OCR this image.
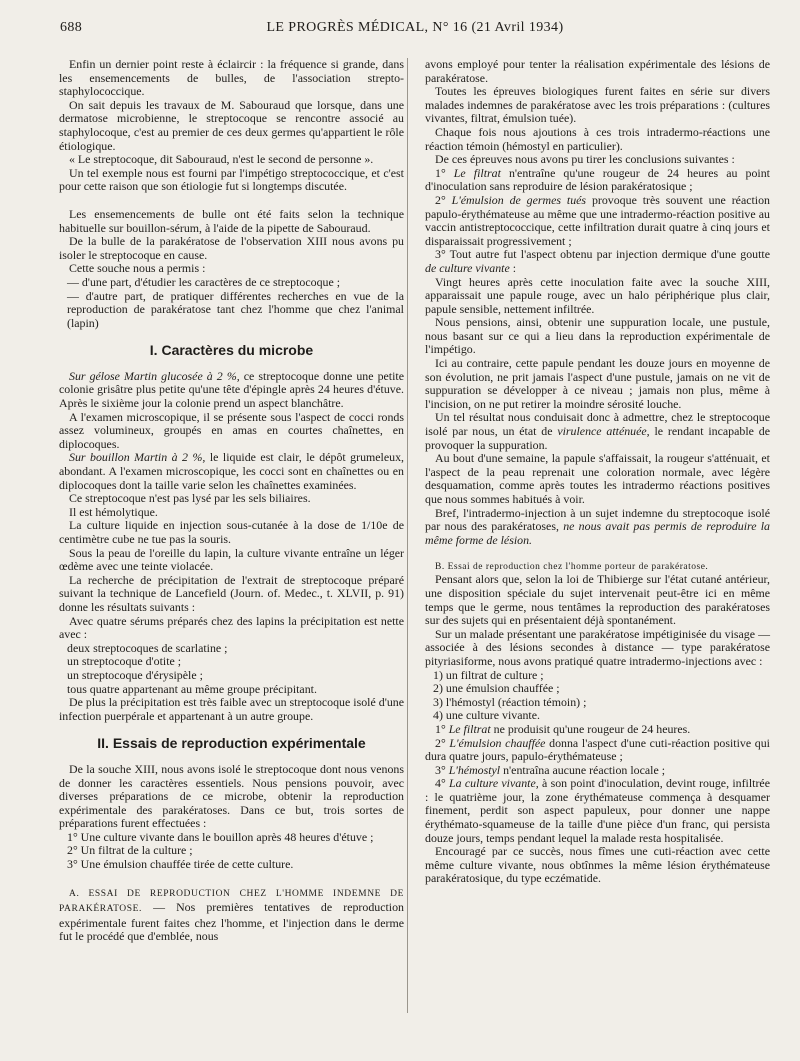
688	LE PROGRÈS MÉDICAL, N° 16 (21 Avril 1934)

Enfin un dernier point reste à éclaircir : la fréquence si grande, dans les ensemencements de bulles, de l'association strepto-staphylococcique.

On sait depuis les travaux de M. Sabouraud que lorsque, dans une dermatose microbienne, le streptocoque se rencontre associé au staphylocoque, c'est au premier de ces deux germes qu'appartient le rôle étiologique.

« Le streptocoque, dit Sabouraud, n'est le second de personne ».

Un tel exemple nous est fourni par l'impétigo streptococcique, et c'est pour cette raison que son étiologie fut si longtemps discutée.

Les ensemencements de bulle ont été faits selon la technique habituelle sur bouillon-sérum, à l'aide de la pipette de Sabouraud.

De la bulle de la parakératose de l'observation XIII nous avons pu isoler le streptocoque en cause.

Cette souche nous a permis :

— d'une part, d'étudier les caractères de ce streptocoque ;
— d'autre part, de pratiquer différentes recherches en vue de la reproduction de parakératose tant chez l'homme que chez l'animal (lapin)
I. Caractères du microbe

Sur gélose Martin glucosée à 2 %, ce streptocoque donne une petite colonie grisâtre plus petite qu'une tête d'épingle après 24 heures d'étuve. Après le sixième jour la colonie prend un aspect blanchâtre.

A l'examen microscopique, il se présente sous l'aspect de cocci ronds assez volumineux, groupés en amas en courtes chaînettes, en diplocoques.

Sur bouillon Martin à 2 %, le liquide est clair, le dépôt grumeleux, abondant. A l'examen microscopique, les cocci sont en chaînettes ou en diplocoques dont la taille varie selon les chaînettes examinées.

Ce streptocoque n'est pas lysé par les sels biliaires.

Il est hémolytique.

La culture liquide en injection sous-cutanée à la dose de 1/10e de centimètre cube ne tue pas la souris.

Sous la peau de l'oreille du lapin, la culture vivante entraîne un léger œdème avec une teinte violacée.

La recherche de précipitation de l'extrait de streptocoque préparé suivant la technique de Lancefield (Journ. of. Medec., t. XLVII, p. 91) donne les résultats suivants :

Avec quatre sérums préparés chez des lapins la précipitation est nette avec :

deux streptocoques de scarlatine ;
un streptocoque d'otite ;
un streptocoque d'érysipèle ;
tous quatre appartenant au même groupe précipitant.

De plus la précipitation est très faible avec un streptocoque isolé d'une infection puerpérale et appartenant à un autre groupe.

II. Essais de reproduction expérimentale

De la souche XIII, nous avons isolé le streptocoque dont nous venons de donner les caractères essentiels. Nous pensions pouvoir, avec diverses préparations de ce microbe, obtenir la reproduction expérimentale des parakératoses. Dans ce but, trois sortes de préparations furent effectuées :

1° Une culture vivante dans le bouillon après 48 heures d'étuve ;
2° Un filtrat de la culture ;
3° Une émulsion chauffée tirée de cette culture.

A. ESSAI DE REPRODUCTION CHEZ L'HOMME INDEMNE DE PARAKÉRATOSE. — Nos premières tentatives de reproduction expérimentale furent faites chez l'homme, et l'injection dans le derme fut le procédé que d'emblée, nous

avons employé pour tenter la réalisation expérimentale des lésions de parakératose.

Toutes les épreuves biologiques furent faites en série sur divers malades indemnes de parakératose avec les trois préparations : (cultures vivantes, filtrat, émulsion tuée).

Chaque fois nous ajoutions à ces trois intradermo-réactions une réaction témoin (hémostyl en particulier).

De ces épreuves nous avons pu tirer les conclusions suivantes :

1° Le filtrat n'entraîne qu'une rougeur de 24 heures au point d'inoculation sans reproduire de lésion parakératosique ;

2° L'émulsion de germes tués provoque très souvent une réaction papulo-érythémateuse au même que une intradermo-réaction positive au vaccin antistreptococcique, cette infiltration durait quatre à cinq jours et disparaissait progressivement ;

3° Tout autre fut l'aspect obtenu par injection dermique d'une goutte de culture vivante :

Vingt heures après cette inoculation faite avec la souche XIII, apparaissait une papule rouge, avec un halo périphérique plus clair, papule sensible, nettement infiltrée.

Nous pensions, ainsi, obtenir une suppuration locale, une pustule, nous basant sur ce qui a lieu dans la reproduction expérimentale de l'impétigo.

Ici au contraire, cette papule pendant les douze jours en moyenne de son évolution, ne prit jamais l'aspect d'une pustule, jamais on ne vit de suppuration se développer à ce niveau ; jamais non plus, même à l'incision, on ne put retirer la moindre sérosité louche.

Un tel résultat nous conduisait donc à admettre, chez le streptocoque isolé par nous, un état de virulence atténuée, le rendant incapable de provoquer la suppuration.

Au bout d'une semaine, la papule s'affaissait, la rougeur s'atténuait, et l'aspect de la peau reprenait une coloration normale, avec légère desquamation, comme après toutes les intradermo réactions positives que nous sommes habitués à voir.

Bref, l'intradermo-injection à un sujet indemne du streptocoque isolé par nous des parakératoses, ne nous avait pas permis de reproduire la même forme de lésion.

B. Essai de reproduction chez l'homme porteur de parakératose.

Pensant alors que, selon la loi de Thibierge sur l'état cutané antérieur, une disposition spéciale du sujet intervenait peut-être ici en même temps que le germe, nous tentâmes la reproduction des parakératoses sur des sujets qui en présentaient déjà spontanément.

Sur un malade présentant une parakératose impétiginisée du visage — associée à des lésions secondes à distance — type parakératose pityriasiforme, nous avons pratiqué quatre intradermo-injections avec :

1) un filtrat de culture ;
2) une émulsion chauffée ;
3) l'hémostyl (réaction témoin) ;
4) une culture vivante.

1° Le filtrat ne produisit qu'une rougeur de 24 heures.

2° L'émulsion chauffée donna l'aspect d'une cuti-réaction positive qui dura quatre jours, papulo-érythémateuse ;

3° L'hémostyl n'entraîna aucune réaction locale ;

4° La culture vivante, à son point d'inoculation, devint rouge, infiltrée : le quatrième jour, la zone érythémateuse commença à desquamer finement, perdit son aspect papuleux, pour donner une nappe érythémato-squameuse de la taille d'une pièce d'un franc, qui persista douze jours, temps pendant lequel la malade resta hospitalisée.

Encouragé par ce succès, nous fîmes une cuti-réaction avec cette même culture vivante, nous obtînmes la même lésion érythémateuse parakératosique, du type eczématide.
